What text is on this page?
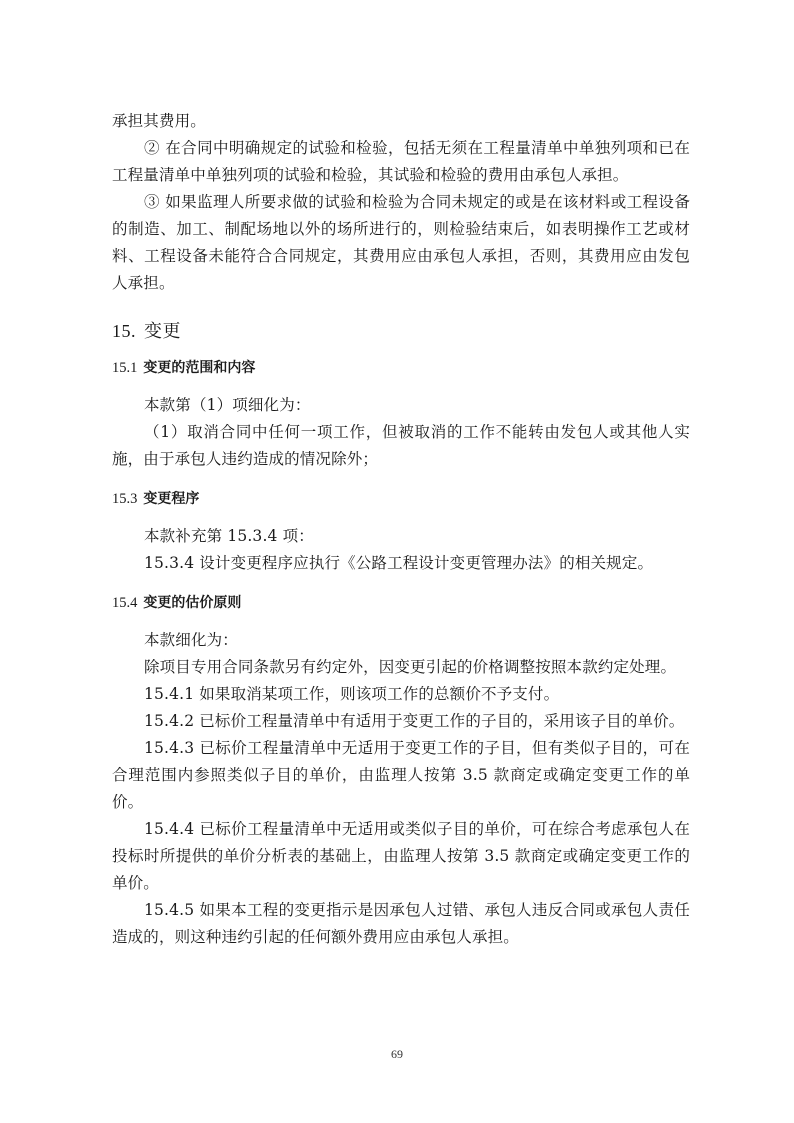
承担其费用。

② 在合同中明确规定的试验和检验，包括无须在工程量清单中单独列项和已在工程量清单中单独列项的试验和检验，其试验和检验的费用由承包人承担。

③ 如果监理人所要求做的试验和检验为合同未规定的或是在该材料或工程设备的制造、加工、制配场地以外的场所进行的，则检验结束后，如表明操作工艺或材料、工程设备未能符合合同规定，其费用应由承包人承担，否则，其费用应由发包人承担。

15. 变更
15.1 变更的范围和内容

本款第（1）项细化为：

（1）取消合同中任何一项工作，但被取消的工作不能转由发包人或其他人实施，由于承包人违约造成的情况除外；

15.3 变更程序

本款补充第 15.3.4 项：

15.3.4 设计变更程序应执行《公路工程设计变更管理办法》的相关规定。

15.4 变更的估价原则

本款细化为：

除项目专用合同条款另有约定外，因变更引起的价格调整按照本款约定处理。

15.4.1 如果取消某项工作，则该项工作的总额价不予支付。

15.4.2 已标价工程量清单中有适用于变更工作的子目的，采用该子目的单价。

15.4.3 已标价工程量清单中无适用于变更工作的子目，但有类似子目的，可在合理范围内参照类似子目的单价，由监理人按第 3.5 款商定或确定变更工作的单价。

15.4.4 已标价工程量清单中无适用或类似子目的单价，可在综合考虑承包人在投标时所提供的单价分析表的基础上，由监理人按第 3.5 款商定或确定变更工作的单价。

15.4.5 如果本工程的变更指示是因承包人过错、承包人违反合同或承包人责任造成的，则这种违约引起的任何额外费用应由承包人承担。

69
